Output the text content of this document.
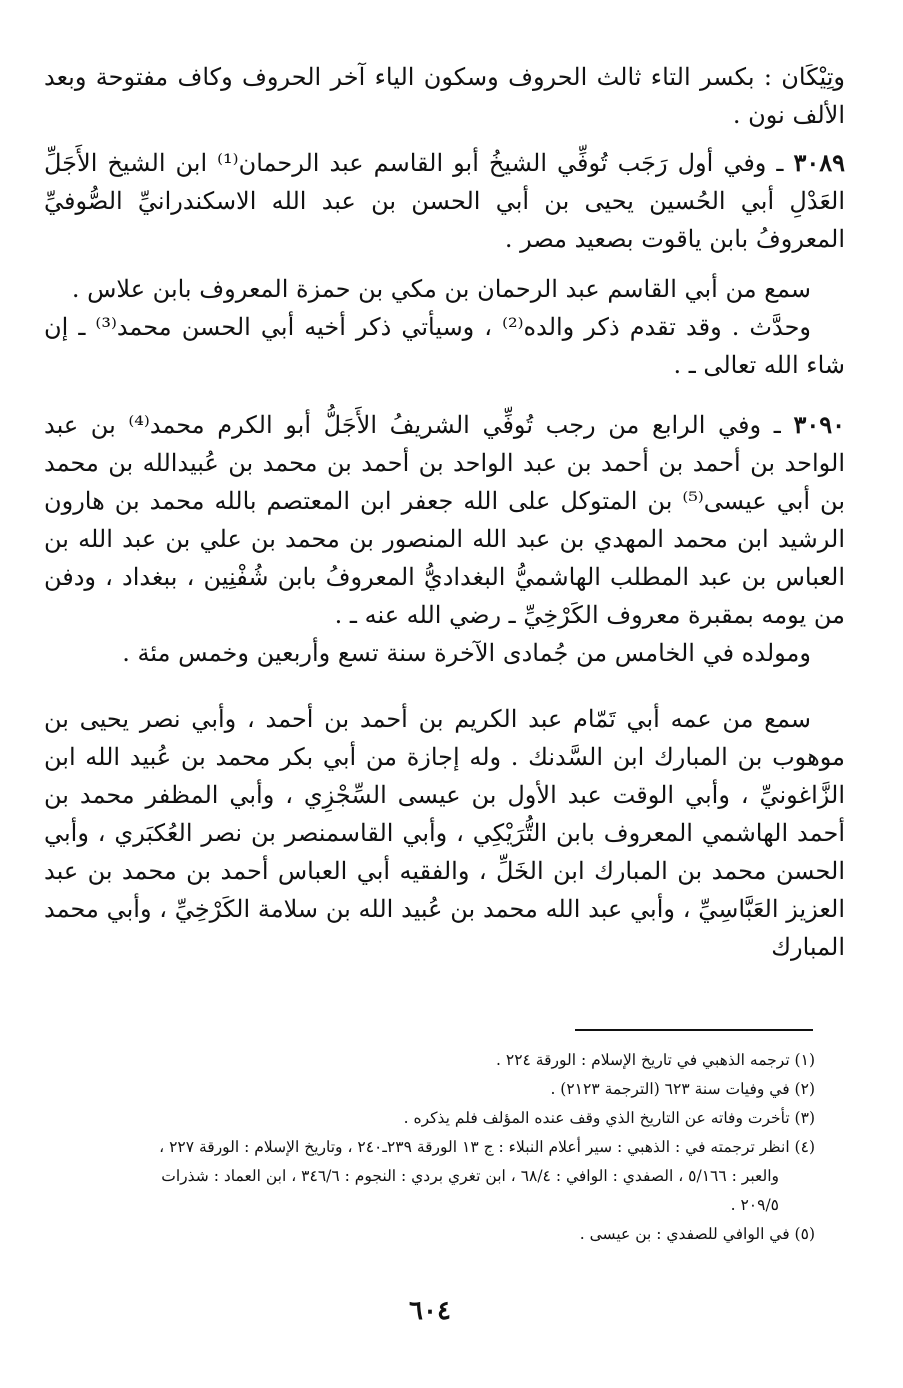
وتِيْكَان : بكسر التاء ثالث الحروف وسكون الياء آخر الحروف وكاف مفتوحة وبعد الألف نون .

٣٠٨٩ ـ وفي أول رَجَب تُوفِّي الشيخُ أبو القاسم عبد الرحمان⁽¹⁾ ابن الشيخ الأَجَلِّ العَدْلِ أبي الحُسين يحيى بن أبي الحسن بن عبد الله الاسكندرانيِّ الصُّوفيِّ المعروفُ بابن ياقوت بصعيد مصر .

سمع من أبي القاسم عبد الرحمان بن مكي بن حمزة المعروف بابن علاس .

وحدَّث . وقد تقدم ذكر والده⁽²⁾ ، وسيأتي ذكر أخيه أبي الحسن محمد⁽³⁾ ـ إن شاء الله تعالى ـ .

٣٠٩٠ ـ وفي الرابع من رجب تُوفِّي الشريفُ الأَجَلُّ أبو الكرم محمد⁽⁴⁾ بن عبد الواحد بن أحمد بن أحمد بن عبد الواحد بن أحمد بن محمد بن عُبيدالله بن محمد بن أبي عيسى⁽⁵⁾ بن المتوكل على الله جعفر ابن المعتصم بالله محمد بن هارون الرشيد ابن محمد المهدي بن عبد الله المنصور بن محمد بن علي بن عبد الله بن العباس بن عبد المطلب الهاشميُّ البغداديُّ المعروفُ بابن شُفْنِين ، ببغداد ، ودفن من يومه بمقبرة معروف الكَرْخِيِّ ـ رضي الله عنه ـ .

ومولده في الخامس من جُمادى الآخرة سنة تسع وأربعين وخمس مئة .

سمع من عمه أبي تَمّام عبد الكريم بن أحمد بن أحمد ، وأبي نصر يحيى بن موهوب بن المبارك ابن السَّدنك . وله إجازة من أبي بكر محمد بن عُبيد الله ابن الزَّاغونيِّ ، وأبي الوقت عبد الأول بن عيسى السِّجْزِي ، وأبي المظفر محمد بن أحمد الهاشمي المعروف بابن التُّرَيْكِي ، وأبي القاسمنصر بن نصر العُكبَري ، وأبي الحسن محمد بن المبارك ابن الخَلِّ ، والفقيه أبي العباس أحمد بن محمد بن عبد العزيز العَبَّاسِيِّ ، وأبي عبد الله محمد بن عُبيد الله بن سلامة الكَرْخِيِّ ، وأبي محمد المبارك

(١) ترجمه الذهبي في تاريخ الإسلام : الورقة ٢٢٤ .

(٢) في وفيات سنة ٦٢٣ (الترجمة ٢١٢٣) .

(٣) تأخرت وفاته عن التاريخ الذي وقف عنده المؤلف فلم يذكره .

(٤) انظر ترجمته في : الذهبي : سير أعلام النبلاء : ج ١٣ الورقة ٢٣٩ـ٢٤٠ ، وتاريخ الإسلام : الورقة ٢٢٧ ،

والعبر : ٥/١٦٦ ، الصفدي : الوافي : ٦٨/٤ ، ابن تغري بردي : النجوم : ٣٤٦/٦ ، ابن العماد : شذرات

٢٠٩/٥ .

(٥) في الوافي للصفدي : بن عيسى .

٦٠٤
